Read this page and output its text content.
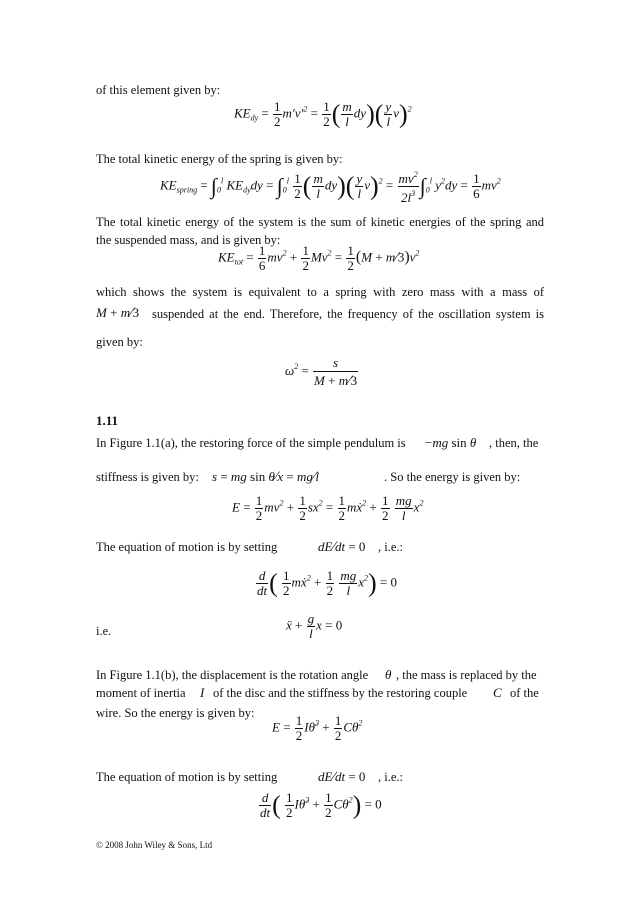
of this element given by:
$KE_{dy} = \frac{1}{2} m'v'^2 = \frac{1}{2}$ ( $\frac{m}{l} dy)( \frac{y}{l} v)^2$
The total kinetic energy of the spring is given by:
$KE_{spring} = \int_0^l$ $KE_{dy}dy = \int_0^l \frac{1}{2}$ ( $\frac{m}{l} dy)( \frac{y}{l} v)^2 = \frac{mv^2}{2l^3} \int_0^l$ $y^2dy = \frac{1}{6} mv^2$
The total kinetic energy of the system is the sum of kinetic energies of the spring and
the suspended mass, and is given by:
$KE_{tot} = \frac{1}{6} mv^2 + \frac{1}{2} Mv^2 = \frac{1}{2} (M$ + $m⁄3)v^2$
which shows the system is equivalent to a spring with zero mass with a mass of
M + m⁄3 suspended at the end. Therefore, the frequency of the oscillation system is
given by:
$\omega^2 = \frac{s}{M + m⁄3}$
1.11
In Figure 1.1(a), the restoring force of the simple pendulum is −mg sin θ , then, the
stiffness is given by: s = mg sin θ⁄x = mg⁄l	. So the energy is given by:
$E = \frac{1}{2} mv^2 + \frac{1}{2} sx^2 = \frac{1}{2}$ mẋ$^2$ + $\frac{1}{2}$
$\frac{mg}{l} x^2$
The equation of motion is by setting	dE⁄dt = 0 , i.e.:
$\frac{d}{dt}$ ( $\frac{1}{2}$ mẋ$^2$ + $\frac{1}{2}$
$\frac{mg}{l} x^2) = 0$
i.e.	ẍ + $\frac{g}{l}$ x = 0
In Figure 1.1(b), the displacement is the rotation angle θ , the mass is replaced by the
moment of inertia I of the disc and the stiffness by the restoring couple C of the
wire. So the energy is given by:
$E = \frac{1}{2}$ Iθ̇$^2$ + $\frac{1}{2} C\theta^2$
The equation of motion is by setting	dE⁄dt = 0 , i.e.:
$\frac{d}{dt}$ ( $\frac{1}{2}$ Iθ̇$^2$ + $\frac{1}{2} C\theta^2) = 0$
© 2008 John Wiley & Sons, Ltd
